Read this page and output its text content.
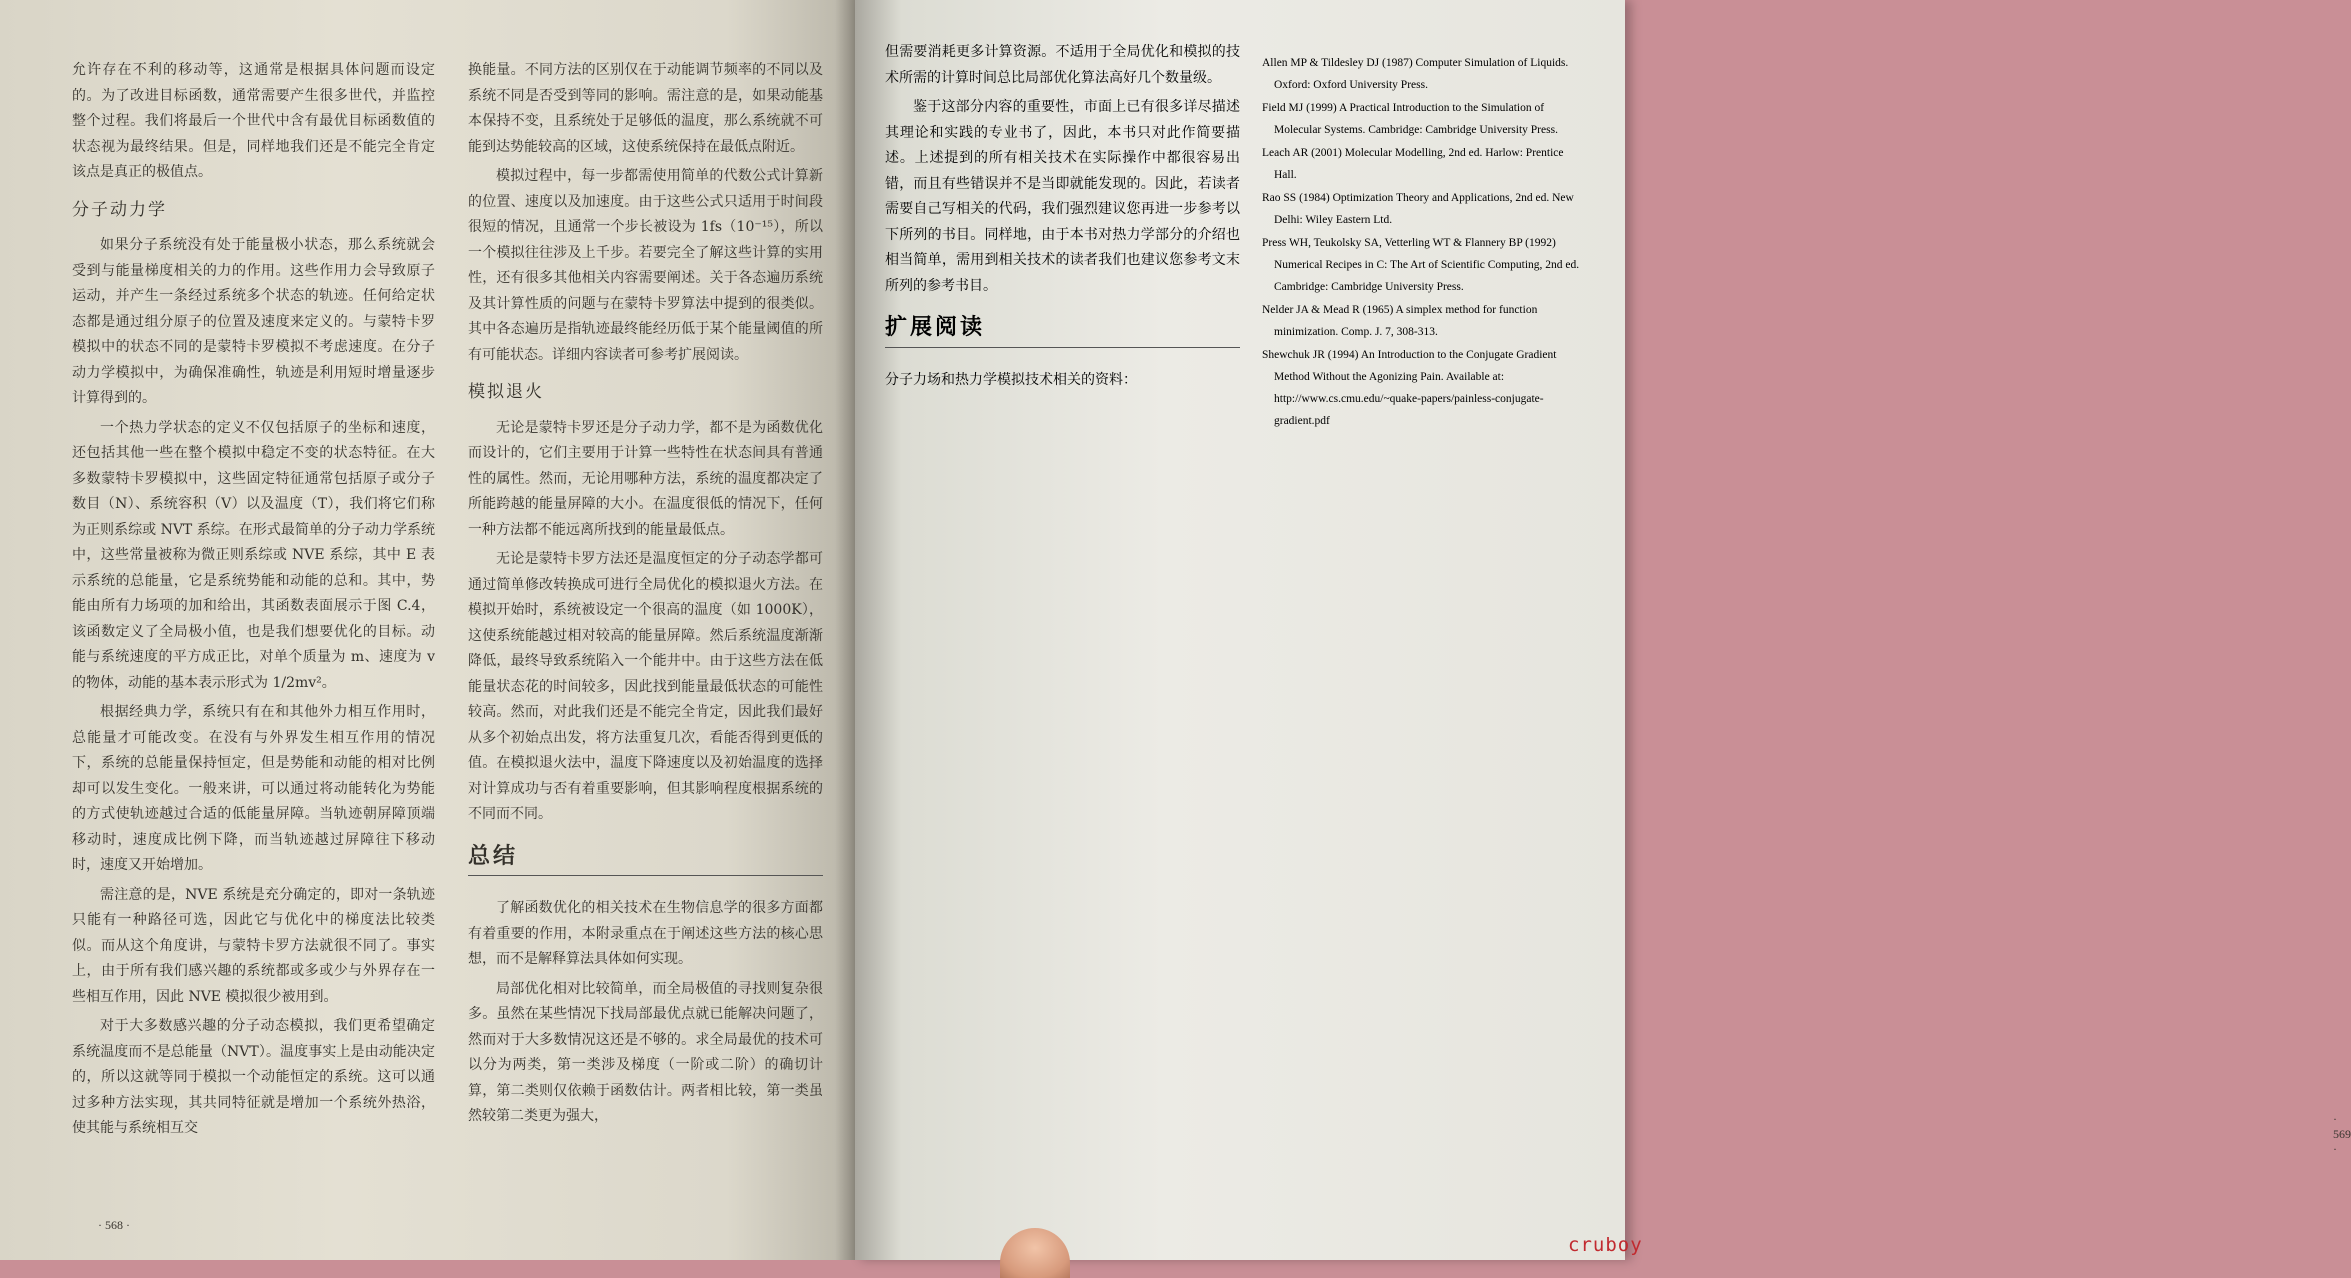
允许存在不利的移动等，这通常是根据具体问题而设定的。为了改进目标函数，通常需要产生很多世代，并监控整个过程。我们将最后一个世代中含有最优目标函数值的状态视为最终结果。但是，同样地我们还是不能完全肯定该点是真正的极值点。

分子动力学

如果分子系统没有处于能量极小状态，那么系统就会受到与能量梯度相关的力的作用。这些作用力会导致原子运动，并产生一条经过系统多个状态的轨迹。任何给定状态都是通过组分原子的位置及速度来定义的。与蒙特卡罗模拟中的状态不同的是蒙特卡罗模拟不考虑速度。在分子动力学模拟中，为确保准确性，轨迹是利用短时增量逐步计算得到的。

一个热力学状态的定义不仅包括原子的坐标和速度，还包括其他一些在整个模拟中稳定不变的状态特征。在大多数蒙特卡罗模拟中，这些固定特征通常包括原子或分子数目（N）、系统容积（V）以及温度（T），我们将它们称为正则系综或 NVT 系综。在形式最简单的分子动力学系统中，这些常量被称为微正则系综或 NVE 系综，其中 E 表示系统的总能量，它是系统势能和动能的总和。其中，势能由所有力场项的加和给出，其函数表面展示于图 C.4，该函数定义了全局极小值，也是我们想要优化的目标。动能与系统速度的平方成正比，对单个质量为 m、速度为 v 的物体，动能的基本表示形式为 1/2mv²。

根据经典力学，系统只有在和其他外力相互作用时，总能量才可能改变。在没有与外界发生相互作用的情况下，系统的总能量保持恒定，但是势能和动能的相对比例却可以发生变化。一般来讲，可以通过将动能转化为势能的方式使轨迹越过合适的低能量屏障。当轨迹朝屏障顶端移动时，速度成比例下降，而当轨迹越过屏障往下移动时，速度又开始增加。

需注意的是，NVE 系统是充分确定的，即对一条轨迹只能有一种路径可选，因此它与优化中的梯度法比较类似。而从这个角度讲，与蒙特卡罗方法就很不同了。事实上，由于所有我们感兴趣的系统都或多或少与外界存在一些相互作用，因此 NVE 模拟很少被用到。

对于大多数感兴趣的分子动态模拟，我们更希望确定系统温度而不是总能量（NVT）。温度事实上是由动能决定的，所以这就等同于模拟一个动能恒定的系统。这可以通过多种方法实现，其共同特征就是增加一个系统外热浴，使其能与系统相互交

换能量。不同方法的区别仅在于动能调节频率的不同以及系统不同是否受到等同的影响。需注意的是，如果动能基本保持不变，且系统处于足够低的温度，那么系统就不可能到达势能较高的区域，这使系统保持在最低点附近。

模拟过程中，每一步都需使用简单的代数公式计算新的位置、速度以及加速度。由于这些公式只适用于时间段很短的情况，且通常一个步长被设为 1fs（10⁻¹⁵），所以一个模拟往往涉及上千步。若要完全了解这些计算的实用性，还有很多其他相关内容需要阐述。关于各态遍历系统及其计算性质的问题与在蒙特卡罗算法中提到的很类似。其中各态遍历是指轨迹最终能经历低于某个能量阈值的所有可能状态。详细内容读者可参考扩展阅读。

模拟退火

无论是蒙特卡罗还是分子动力学，都不是为函数优化而设计的，它们主要用于计算一些特性在状态间具有普通性的属性。然而，无论用哪种方法，系统的温度都决定了所能跨越的能量屏障的大小。在温度很低的情况下，任何一种方法都不能远离所找到的能量最低点。

无论是蒙特卡罗方法还是温度恒定的分子动态学都可通过简单修改转换成可进行全局优化的模拟退火方法。在模拟开始时，系统被设定一个很高的温度（如 1000K），这使系统能越过相对较高的能量屏障。然后系统温度渐渐降低，最终导致系统陷入一个能井中。由于这些方法在低能量状态花的时间较多，因此找到能量最低状态的可能性较高。然而，对此我们还是不能完全肯定，因此我们最好从多个初始点出发，将方法重复几次，看能否得到更低的值。在模拟退火法中，温度下降速度以及初始温度的选择对计算成功与否有着重要影响，但其影响程度根据系统的不同而不同。

总结

了解函数优化的相关技术在生物信息学的很多方面都有着重要的作用，本附录重点在于阐述这些方法的核心思想，而不是解释算法具体如何实现。

局部优化相对比较简单，而全局极值的寻找则复杂很多。虽然在某些情况下找局部最优点就已能解决问题了，然而对于大多数情况这还是不够的。求全局最优的技术可以分为两类，第一类涉及梯度（一阶或二阶）的确切计算，第二类则仅依赖于函数估计。两者相比较，第一类虽然较第二类更为强大，

· 568 ·
· 569 ·

但需要消耗更多计算资源。不适用于全局优化和模拟的技术所需的计算时间总比局部优化算法高好几个数量级。

鉴于这部分内容的重要性，市面上已有很多详尽描述其理论和实践的专业书了，因此，本书只对此作简要描述。上述提到的所有相关技术在实际操作中都很容易出错，而且有些错误并不是当即就能发现的。因此，若读者需要自己写相关的代码，我们强烈建议您再进一步参考以下所列的书目。同样地，由于本书对热力学部分的介绍也相当简单，需用到相关技术的读者我们也建议您参考文末所列的参考书目。

扩展阅读

分子力场和热力学模拟技术相关的资料：

Allen MP & Tildesley DJ (1987) Computer Simulation of Liquids. Oxford: Oxford University Press.
Field MJ (1999) A Practical Introduction to the Simulation of Molecular Systems. Cambridge: Cambridge University Press.
Leach AR (2001) Molecular Modelling, 2nd ed. Harlow: Prentice Hall.
Rao SS (1984) Optimization Theory and Applications, 2nd ed. New Delhi: Wiley Eastern Ltd.
Press WH, Teukolsky SA, Vetterling WT & Flannery BP (1992) Numerical Recipes in C: The Art of Scientific Computing, 2nd ed. Cambridge: Cambridge University Press.
Nelder JA & Mead R (1965) A simplex method for function minimization. Comp. J. 7, 308-313.
Shewchuk JR (1994) An Introduction to the Conjugate Gradient Method Without the Agonizing Pain. Available at: http://www.cs.cmu.edu/~quake-papers/painless-conjugate-gradient.pdf
cruboy
